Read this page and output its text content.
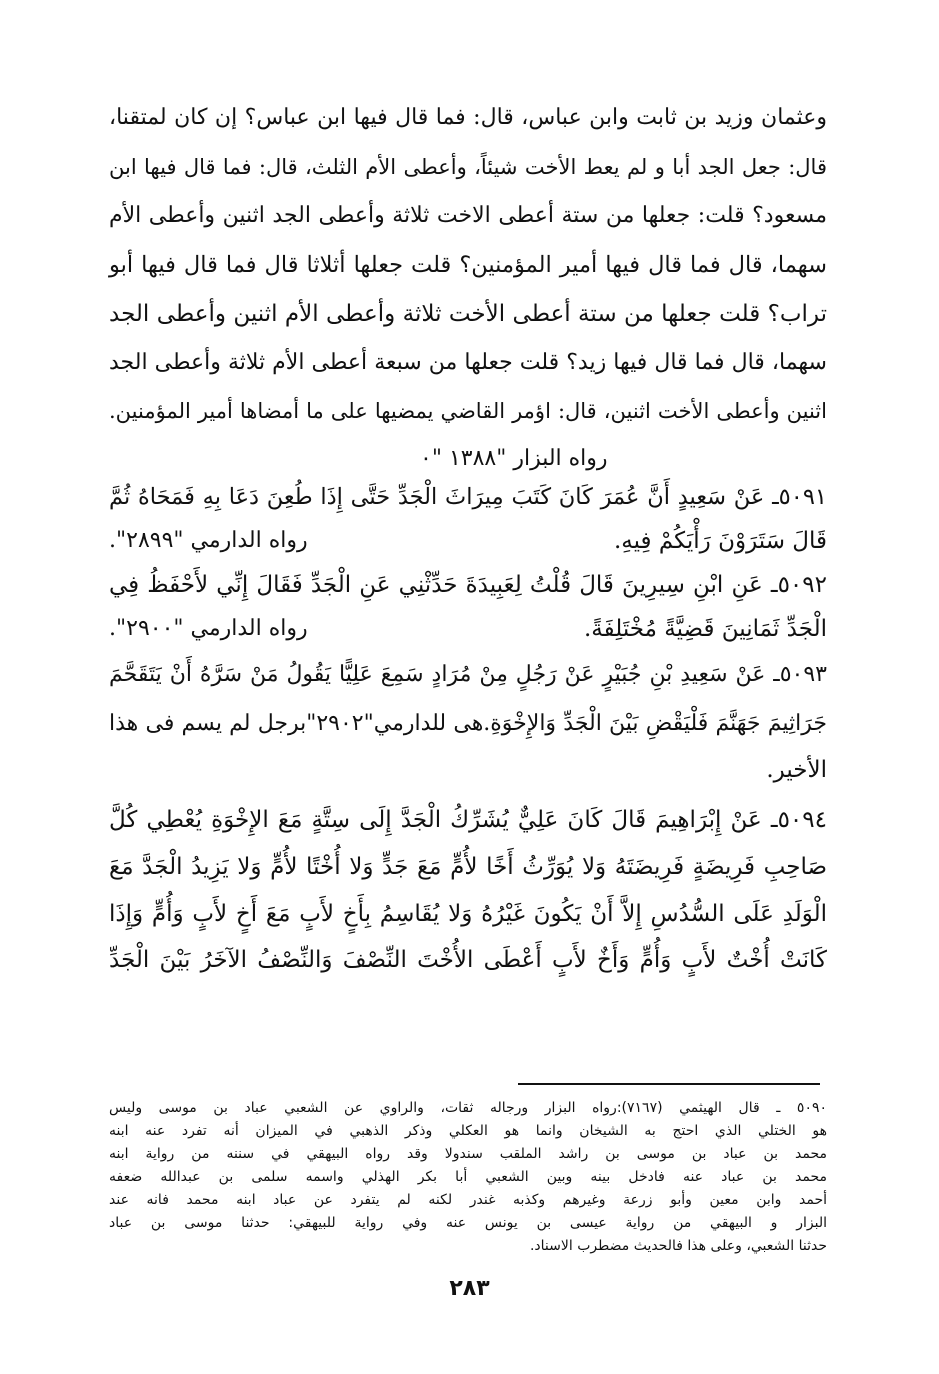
وعثمان وزيد بن ثابت وابن عباس، قال: فما قال فيها ابن عباس؟ إن كان لمتقنا،
قال: جعل الجد أبا و لم يعط الأخت شيئاً، وأعطى الأم الثلث، قال: فما قال فيها ابن
مسعود؟ قلت: جعلها من ستة أعطى الاخت ثلاثة وأعطى الجد اثنين وأعطى الأم
سهما، قال فما قال فيها أمير المؤمنين؟ قلت جعلها أثلاثا قال فما قال فيها أبو
تراب؟ قلت جعلها من ستة أعطى الأخت ثلاثة وأعطى الأم اثنين وأعطى الجد
سهما، قال فما قال فيها زيد؟ قلت جعلها من سبعة أعطى الأم ثلاثة وأعطى الجد
اثنين وأعطى الأخت اثنين، قال: اؤمر القاضي يمضيها على ما أمضاها أمير المؤمنين.
رواه البزار "١٣٨٨ "٠
٥٠٩١ـ عَنْ سَعِيدٍ أَنَّ عُمَرَ كَانَ كَتَبَ مِيرَاثَ الْجَدِّ حَتَّى إِذَا طُعِنَ دَعَا بِهِ فَمَحَاهُ ثُمَّ
رواه الدارمي "٢٨٩٩".	قَالَ سَتَرَوْنَ رَأْيَكُمْ فِيهِ.
٥٠٩٢ـ عَنِ ابْنِ سِيرِينَ قَالَ قُلْتُ لِعَبِيدَةَ حَدِّثْنِي عَنِ الْجَدِّ فَقَالَ إِنِّي لأَحْفَظُ فِي
رواه الدارمي "٢٩٠٠".	الْجَدِّ ثَمَانِينَ قَضِيَّةً مُخْتَلِفَةً.
٥٠٩٣ـ عَنْ سَعِيدِ بْنِ جُبَيْرٍ عَنْ رَجُلٍ مِنْ مُرَادٍ سَمِعَ عَلِيًّا يَقُولُ مَنْ سَرَّهُ أَنْ يَتَقَحَّمَ
جَرَاثِيمَ جَهَنَّمَ فَلْيَقْضِ بَيْنَ الْجَدِّ وَالإِخْوَةِ.هى للدارمي"٢٩٠٢"برجل لم يسم فى هذا
الأخير.
٥٠٩٤ـ عَنْ إِبْرَاهِيمَ قَالَ كَانَ عَلِيٌّ يُشَرِّكُ الْجَدَّ إِلَى سِتَّةٍ مَعَ الإِخْوَةِ يُعْطِي كُلَّ
صَاحِبِ فَرِيضَةٍ فَرِيضَتَهُ وَلا يُوَرِّثُ أَخًا لأُمٍّ مَعَ جَدٍّ وَلا أُخْتًا لأُمٍّ وَلا يَزِيدُ الْجَدَّ مَعَ
الْوَلَدِ عَلَى السُّدُسِ إِلاَّ أَنْ يَكُونَ غَيْرُهُ وَلا يُقَاسِمُ بِأَخٍ لأَبٍ مَعَ أَخٍ لأَبٍ وَأُمٍّ وَإِذَا
كَانَتْ أُخْتٌ لأَبٍ وَأُمٍّ وَأَخٌ لأَبٍ أَعْطَى الأُخْتَ النِّصْفَ وَالنِّصْفُ الآخَرُ بَيْنَ الْجَدِّ
٥٠٩٠ ـ قال الهيثمي (٧١٦٧):رواه البزار ورجاله ثقات، والراوي عن الشعبي عباد بن موسى وليس
هو الختلي الذي احتج به الشيخان وانما هو العكلي وذكر الذهبي في الميزان أنه تفرد عنه ابنه
محمد بن عباد بن موسى بن راشد الملقب سندولا وقد رواه البيهقي في سننه من رواية ابنه
محمد بن عباد عنه فادخل بينه وبين الشعبي أبا بكر الهذلي واسمه سلمى بن عبدالله ضعفه
أحمد وابن معين وأبو زرعة وغيرهم وكذبه غندر لكنه لم يتفرد عن عباد ابنه محمد فانه عند
البزار و البيهقي من رواية عيسى بن يونس عنه وفي رواية للبيهقي: حدثنا موسى بن عباد
حدثنا الشعبي، وعلى هذا فالحديث مضطرب الاسناد.
٢٨٣
